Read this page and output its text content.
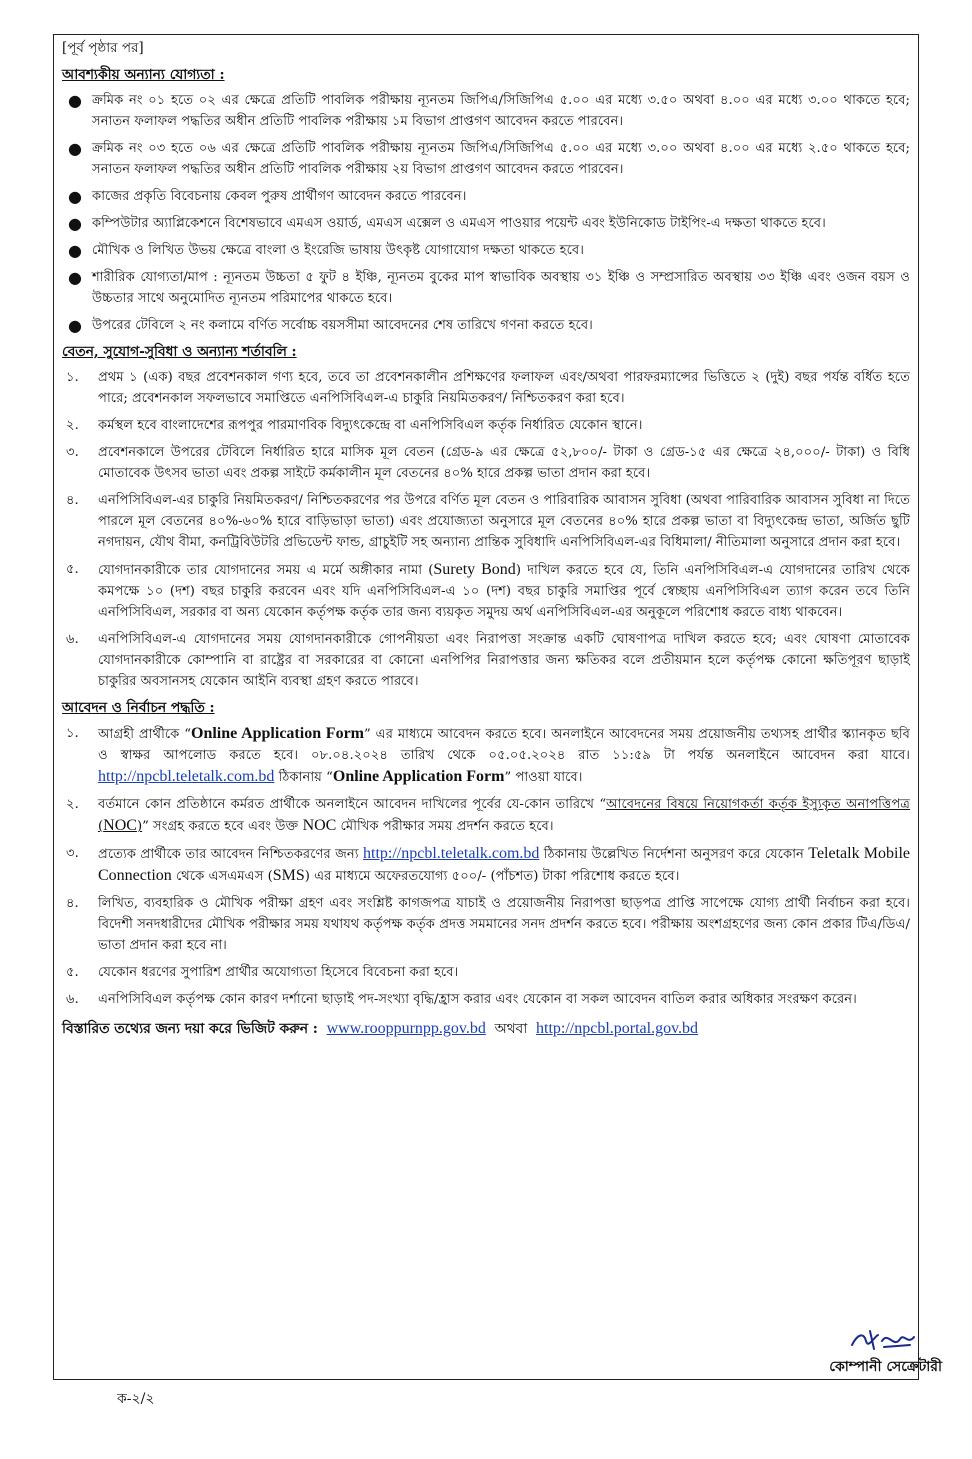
[পূর্ব পৃষ্ঠার পর]
আবশ্যকীয় অন্যান্য যোগ্যতা :
● ক্রমিক নং ০১ হতে ০২ এর ক্ষেত্রে প্রতিটি পাবলিক পরীক্ষায় ন্যূনতম জিপিএ/সিজিপিএ ৫.০০ এর মধ্যে ৩.৫০ অথবা ৪.০০ এর মধ্যে ৩.০০ থাকতে হবে; সনাতন ফলাফল পদ্ধতির অধীন প্রতিটি পাবলিক পরীক্ষায় ১ম বিভাগ প্রাপ্তগণ আবেদন করতে পারবেন।
● ক্রমিক নং ০৩ হতে ০৬ এর ক্ষেত্রে প্রতিটি পাবলিক পরীক্ষায় ন্যূনতম জিপিএ/সিজিপিএ ৫.০০ এর মধ্যে ৩.০০ অথবা ৪.০০ এর মধ্যে ২.৫০ থাকতে হবে; সনাতন ফলাফল পদ্ধতির অধীন প্রতিটি পাবলিক পরীক্ষায় ২য় বিভাগ প্রাপ্তগণ আবেদন করতে পারবেন।
● কাজের প্রকৃতি বিবেচনায় কেবল পুরুষ প্রার্থীগণ আবেদন করতে পারবেন।
● কম্পিউটার অ্যাপ্লিকেশনে বিশেষভাবে এমএস ওয়ার্ড, এমএস এক্সেল ও এমএস পাওয়ার পয়েন্ট এবং ইউনিকোড টাইপিং-এ দক্ষতা থাকতে হবে।
● মৌখিক ও লিখিত উভয় ক্ষেত্রে বাংলা ও ইংরেজি ভাষায় উৎকৃষ্ট যোগাযোগ দক্ষতা থাকতে হবে।
● শারীরিক যোগ্যতা/মাপ : ন্যূনতম উচ্চতা ৫ ফুট ৪ ইঞ্চি, ন্যূনতম বুকের মাপ স্বাভাবিক অবস্থায় ৩১ ইঞ্চি ও সম্প্রসারিত অবস্থায় ৩৩ ইঞ্চি এবং ওজন বয়স ও উচ্চতার সাথে অনুমোদিত ন্যূনতম পরিমাপের থাকতে হবে।
● উপরের টেবিলে ২ নং কলামে বর্ণিত সর্বোচ্চ বয়সসীমা আবেদনের শেষ তারিখে গণনা করতে হবে।
বেতন, সুযোগ-সুবিধা ও অন্যান্য শর্তাবলি :
১. প্রথম ১ (এক) বছর প্রবেশনকাল গণ্য হবে, তবে তা প্রবেশনকালীন প্রশিক্ষণের ফলাফল এবং/অথবা পারফরম্যান্সের ভিত্তিতে ২ (দুই) বছর পর্যন্ত বর্ধিত হতে পারে; প্রবেশনকাল সফলভাবে সমাপ্তিতে এনপিসিবিএল-এ চাকুরি নিয়মিতকরণ/ নিশ্চিতকরণ করা হবে।
২. কর্মস্থল হবে বাংলাদেশের রূপপুর পারমাণবিক বিদ্যুৎকেন্দ্রে বা এনপিসিবিএল কর্তৃক নির্ধারিত যেকোন স্থানে।
৩. প্রবেশনকালে উপরের টেবিলে নির্ধারিত হারে মাসিক মূল বেতন (গ্রেড-৯ এর ক্ষেত্রে ৫২,৮০০/- টাকা ও গ্রেড-১৫ এর ক্ষেত্রে ২৪,০০০/- টাকা) ও বিধি মোতাবেক উৎসব ভাতা এবং প্রকল্প সাইটে কর্মকালীন মূল বেতনের ৪০% হারে প্রকল্প ভাতা প্রদান করা হবে।
৪. এনপিসিবিএল-এর চাকুরি নিয়মিতকরণ/ নিশ্চিতকরণের পর উপরে বর্ণিত মূল বেতন ও পারিবারিক আবাসন সুবিধা (অথবা পারিবারিক আবাসন সুবিধা না দিতে পারলে মূল বেতনের ৪০%-৬০% হারে বাড়িভাড়া ভাতা) এবং প্রযোজ্যতা অনুসারে মূল বেতনের ৪০% হারে প্রকল্প ভাতা বা বিদ্যুৎকেন্দ্র ভাতা, অর্জিত ছুটি নগদায়ন, যৌথ বীমা, কনট্রিবিউটরি প্রভিডেন্ট ফান্ড, গ্রাচুইটি সহ অন্যান্য প্রান্তিক সুবিধাদি এনপিসিবিএল-এর বিধিমালা/ নীতিমালা অনুসারে প্রদান করা হবে।
৫. যোগদানকারীকে তার যোগদানের সময় এ মর্মে অঙ্গীকার নামা (Surety Bond) দাখিল করতে হবে যে, তিনি এনপিসিবিএল-এ যোগদানের তারিখ থেকে কমপক্ষে ১০ (দশ) বছর চাকুরি করবেন এবং যদি এনপিসিবিএল-এ ১০ (দশ) বছর চাকুরি সমাপ্তির পূর্বে স্বেচ্ছায় এনপিসিবিএল ত্যাগ করেন তবে তিনি এনপিসিবিএল, সরকার বা অন্য যেকোন কর্তৃপক্ষ কর্তৃক তার জন্য ব্যয়কৃত সমুদয় অর্থ এনপিসিবিএল-এর অনুকূলে পরিশোধ করতে বাধ্য থাকবেন।
৬. এনপিসিবিএল-এ যোগদানের সময় যোগদানকারীকে গোপনীয়তা এবং নিরাপত্তা সংক্রান্ত একটি ঘোষণাপত্র দাখিল করতে হবে; এবং ঘোষণা মোতাবেক যোগদানকারীকে কোম্পানি বা রাষ্ট্রের বা সরকারের বা কোনো এনপিপির নিরাপত্তার জন্য ক্ষতিকর বলে প্রতীয়মান হলে কর্তৃপক্ষ কোনো ক্ষতিপূরণ ছাড়াই চাকুরির অবসানসহ যেকোন আইনি ব্যবস্থা গ্রহণ করতে পারবে।
আবেদন ও নির্বাচন পদ্ধতি :
১. আগ্রহী প্রার্থীকে “Online Application Form” এর মাধ্যমে আবেদন করতে হবে। অনলাইনে আবেদনের সময় প্রয়োজনীয় তথ্যসহ প্রার্থীর স্ক্যানকৃত ছবি ও স্বাক্ষর আপলোড করতে হবে। ০৮.০৪.২০২৪ তারিখ থেকে ০৫.০৫.২০২৪ রাত ১১:৫৯ টা পর্যন্ত অনলাইনে আবেদন করা যাবে। http://npcbl.teletalk.com.bd ঠিকানায় “Online Application Form” পাওয়া যাবে।
২. বর্তমানে কোন প্রতিষ্ঠানে কর্মরত প্রার্থীকে অনলাইনে আবেদন দাখিলের পূর্বের যে-কোন তারিখে “আবেদনের বিষয়ে নিয়োগকর্তা কর্তৃক ইস্যুকৃত অনাপত্তিপত্র (NOC)” সংগ্রহ করতে হবে এবং উক্ত NOC মৌখিক পরীক্ষার সময় প্রদর্শন করতে হবে।
৩. প্রত্যেক প্রার্থীকে তার আবেদন নিশ্চিতকরণের জন্য http://npcbl.teletalk.com.bd ঠিকানায় উল্লেখিত নির্দেশনা অনুসরণ করে যেকোন Teletalk Mobile Connection থেকে এসএমএস (SMS) এর মাধ্যমে অফেরতযোগ্য ৫০০/- (পাঁচশত) টাকা পরিশোধ করতে হবে।
৪. লিখিত, ব্যবহারিক ও মৌখিক পরীক্ষা গ্রহণ এবং সংশ্লিষ্ট কাগজপত্র যাচাই ও প্রয়োজনীয় নিরাপত্তা ছাড়পত্র প্রাপ্তি সাপেক্ষে যোগ্য প্রার্থী নির্বাচন করা হবে। বিদেশী সনদধারীদের মৌখিক পরীক্ষার সময় যথাযথ কর্তৃপক্ষ কর্তৃক প্রদত্ত সমমানের সনদ প্রদর্শন করতে হবে। পরীক্ষায় অংশগ্রহণের জন্য কোন প্রকার টিএ/ডিএ/ভাতা প্রদান করা হবে না।
৫. যেকোন ধরণের সুপারিশ প্রার্থীর অযোগ্যতা হিসেবে বিবেচনা করা হবে।
৬. এনপিসিবিএল কর্তৃপক্ষ কোন কারণ দর্শানো ছাড়াই পদ-সংখ্যা বৃদ্ধি/হ্রাস করার এবং যেকোন বা সকল আবেদন বাতিল করার অধিকার সংরক্ষণ করেন।
বিস্তারিত তথ্যের জন্য দয়া করে ভিজিট করুন : www.rooppurnpp.gov.bd অথবা http://npcbl.portal.gov.bd
কোম্পানী সেক্রেটারী
ক-২/২
